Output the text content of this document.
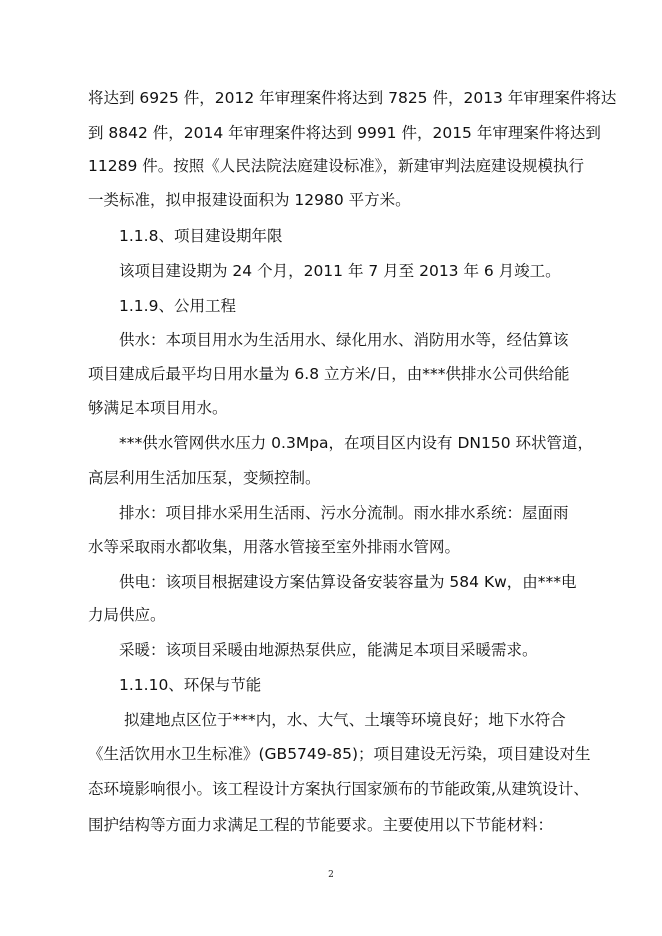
将达到 6925 件，2012 年审理案件将达到 7825 件，2013 年审理案件将达
到 8842 件，2014 年审理案件将达到 9991 件，2015 年审理案件将达到
11289 件。按照《人民法院法庭建设标准》，新建审判法庭建设规模执行
一类标准，拟申报建设面积为 12980 平方米。
1.1.8、项目建设期年限
该项目建设期为 24 个月，2011 年 7 月至 2013 年 6 月竣工。
1.1.9、公用工程
供水：本项目用水为生活用水、绿化用水、消防用水等，经估算该
项目建成后最平均日用水量为 6.8 立方米/日，由***供排水公司供给能
够满足本项目用水。
***供水管网供水压力 0.3Mpa，在项目区内设有 DN150 环状管道，
高层利用生活加压泵，变频控制。
排水：项目排水采用生活雨、污水分流制。雨水排水系统：屋面雨
水等采取雨水都收集，用落水管接至室外排雨水管网。
供电：该项目根据建设方案估算设备安装容量为 584 Kw，由***电
力局供应。
采暖：该项目采暖由地源热泵供应，能满足本项目采暖需求。
1.1.10、环保与节能
拟建地点区位于***内，水、大气、土壤等环境良好；地下水符合
《生活饮用水卫生标准》(GB5749-85)；项目建设无污染，项目建设对生
态环境影响很小。该工程设计方案执行国家颁布的节能政策,从建筑设计、
围护结构等方面力求满足工程的节能要求。主要使用以下节能材料：
2
